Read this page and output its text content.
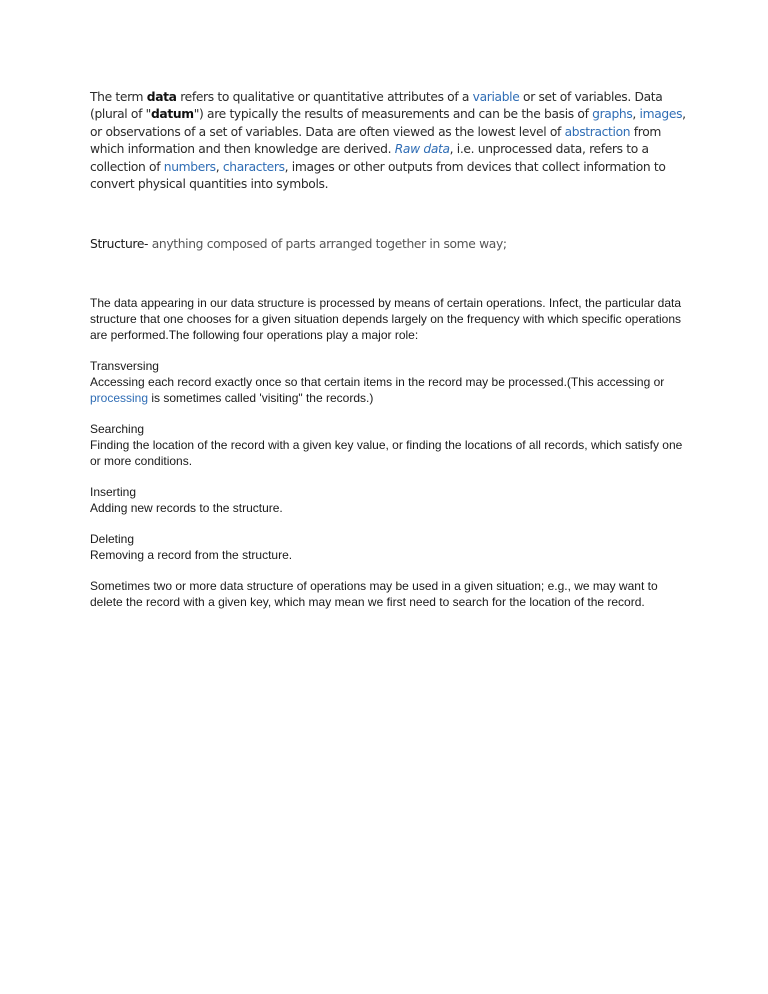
The term data refers to qualitative or quantitative attributes of a variable or set of variables. Data (plural of "datum") are typically the results of measurements and can be the basis of graphs, images, or observations of a set of variables. Data are often viewed as the lowest level of abstraction from which information and then knowledge are derived. Raw data, i.e. unprocessed data, refers to a collection of numbers, characters, images or other outputs from devices that collect information to convert physical quantities into symbols.

Structure- anything composed of parts arranged together in some way;

The data appearing in our data structure is processed by means of certain operations. Infect, the particular data structure that one chooses for a given situation depends largely on the frequency with which specific operations are performed.The following four operations play a major role:

Transversing
Accessing each record exactly once so that certain items in the record may be processed.(This accessing or processing is sometimes called 'visiting" the records.)

Searching
Finding the location of the record with a given key value, or finding the locations of all records, which satisfy one or more conditions.

Inserting
Adding new records to the structure.

Deleting
Removing a record from the structure.

Sometimes two or more data structure of operations may be used in a given situation; e.g., we may want to delete the record with a given key, which may mean we first need to search for the location of the record.
